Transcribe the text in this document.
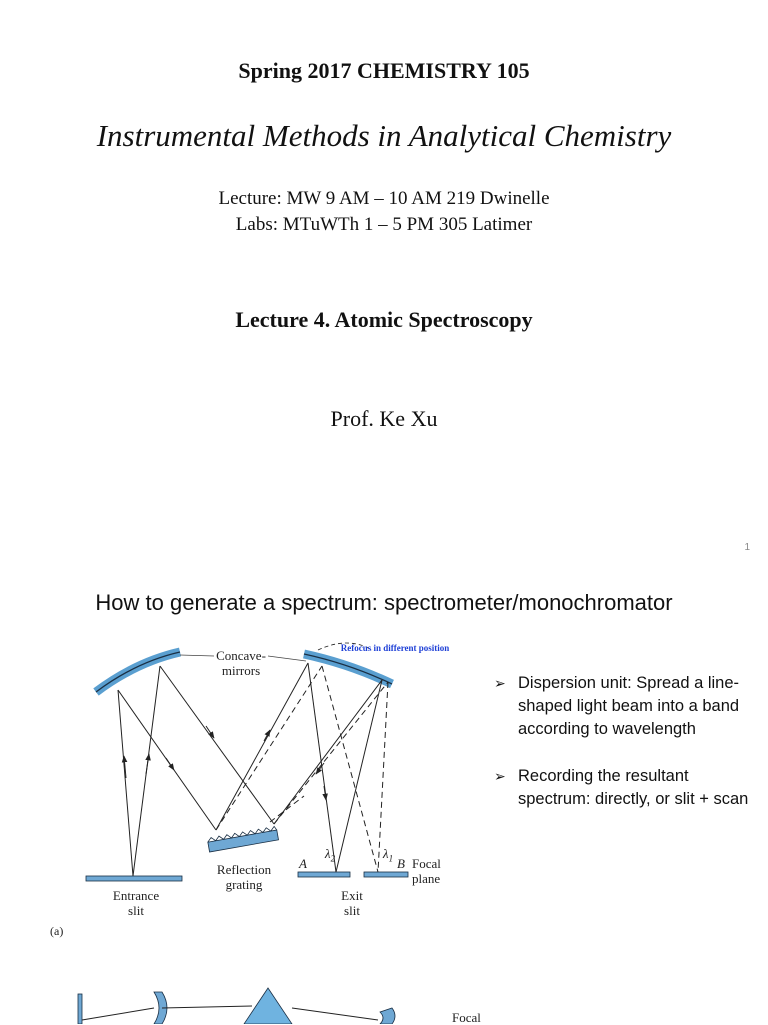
Spring 2017 CHEMISTRY 105
Instrumental Methods in Analytical Chemistry
Lecture: MW 9 AM – 10 AM 219 Dwinelle
Labs: MTuWTh 1 – 5 PM 305 Latimer
Lecture 4. Atomic Spectroscopy
Prof. Ke Xu
1
How to generate a spectrum: spectrometer/monochromator
Refocus in different position
Concave-
mirrors
Reflection
grating
Entrance
slit
Exit
slit
Focal
plane
A	B
$\lambda_2$	$\lambda_1$
(a)
Focal
➢ Dispersion unit: Spread a line-shaped light beam into a band according to wavelength
➢ Recording the resultant spectrum: directly, or slit + scan
